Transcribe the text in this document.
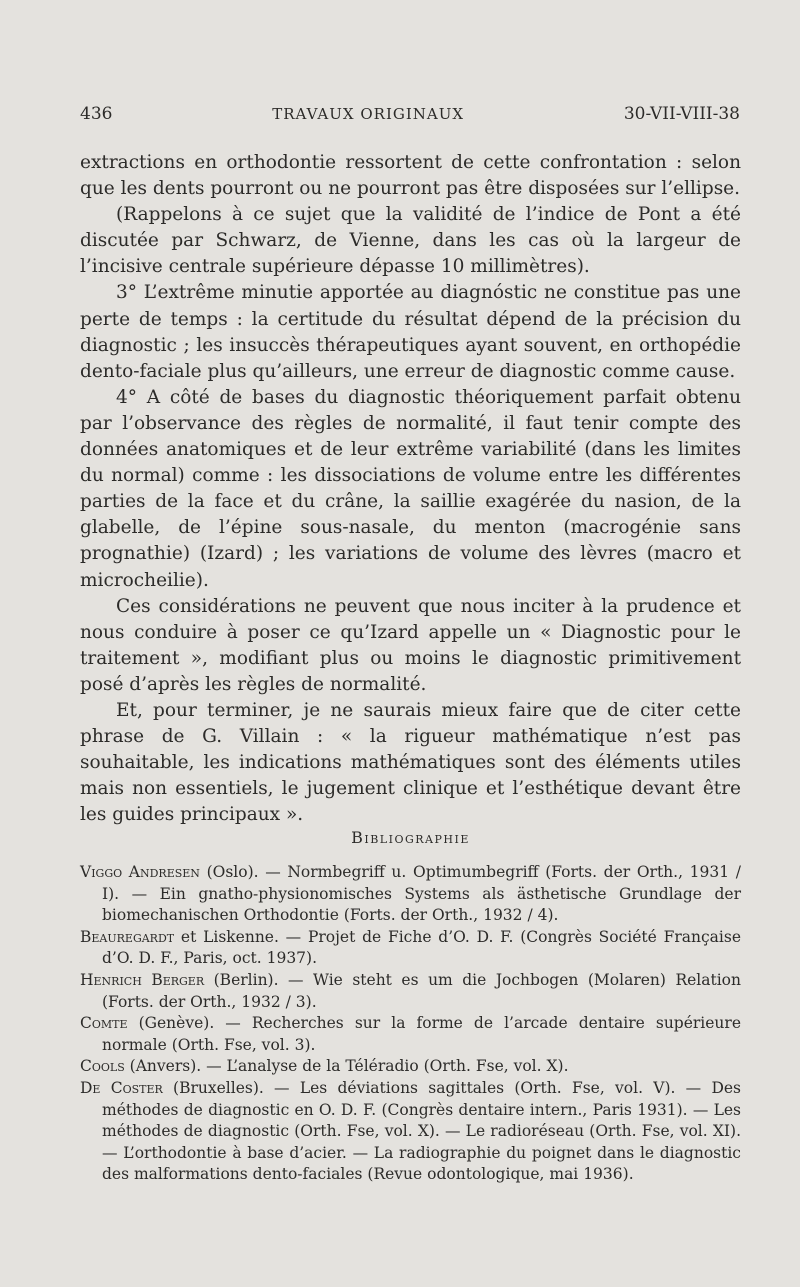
436	TRAVAUX ORIGINAUX	30-VII-VIII-38

extractions en orthodontie ressortent de cette confrontation : selon que les dents pourront ou ne pourront pas être disposées sur l’ellipse.

(Rappelons à ce sujet que la validité de l’indice de Pont a été discutée par Schwarz, de Vienne, dans les cas où la largeur de l’incisive centrale supérieure dépasse 10 millimètres).

3° L’extrême minutie apportée au diagnóstic ne constitue pas une perte de temps : la certitude du résultat dépend de la précision du diagnostic ; les insuccès thérapeutiques ayant souvent, en orthopédie dento-faciale plus qu’ailleurs, une erreur de diagnostic comme cause.

4° A côté de bases du diagnostic théoriquement parfait obtenu par l’observance des règles de normalité, il faut tenir compte des données anatomiques et de leur extrême variabilité (dans les limites du normal) comme : les dissociations de volume entre les différentes parties de la face et du crâne, la saillie exagérée du nasion, de la glabelle, de l’épine sous-nasale, du menton (macrogénie sans prognathie) (Izard) ; les variations de volume des lèvres (macro et microcheilie).

Ces considérations ne peuvent que nous inciter à la prudence et nous conduire à poser ce qu’Izard appelle un « Diagnostic pour le traitement », modifiant plus ou moins le diagnostic primitivement posé d’après les règles de normalité.

Et, pour terminer, je ne saurais mieux faire que de citer cette phrase de G. Villain : « la rigueur mathématique n’est pas souhaitable, les indications mathématiques sont des éléments utiles mais non essentiels, le jugement clinique et l’esthétique devant être les guides principaux ».

Bibliographie

Viggo Andresen (Oslo). — Normbegriff u. Optimumbegriff (Forts. der Orth., 1931 / I). — Ein gnatho-physionomisches Systems als ästhetische Grundlage der biomechanischen Orthodontie (Forts. der Orth., 1932 / 4).

Beauregardt et Liskenne. — Projet de Fiche d’O. D. F. (Congrès Société Française d’O. D. F., Paris, oct. 1937).

Henrich Berger (Berlin). — Wie steht es um die Jochbogen (Molaren) Relation (Forts. der Orth., 1932 / 3).

Comte (Genève). — Recherches sur la forme de l’arcade dentaire supérieure normale (Orth. Fse, vol. 3).

Cools (Anvers). — L’analyse de la Téléradio (Orth. Fse, vol. X).

De Coster (Bruxelles). — Les déviations sagittales (Orth. Fse, vol. V). — Des méthodes de diagnostic en O. D. F. (Congrès dentaire intern., Paris 1931). — Les méthodes de diagnostic (Orth. Fse, vol. X). — Le radioréseau (Orth. Fse, vol. XI). — L’orthodontie à base d’acier. — La radiographie du poignet dans le diagnostic des malformations dento-faciales (Revue odontologique, mai 1936).
